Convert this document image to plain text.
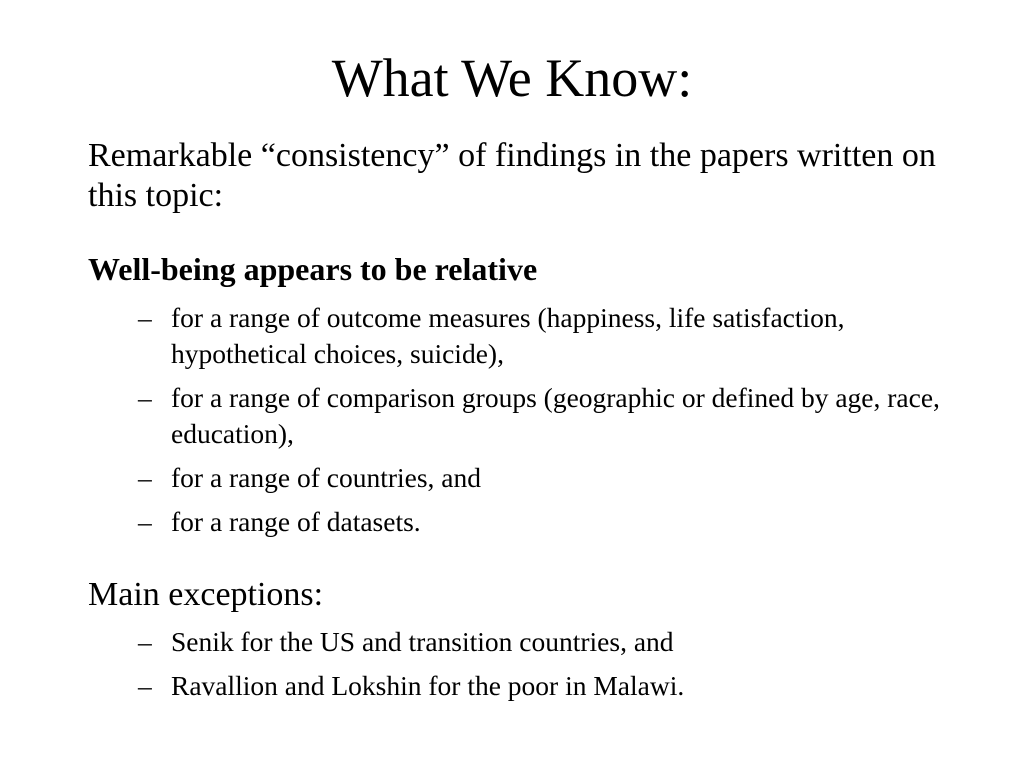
What We Know:

Remarkable “consistency” of findings in the papers written on this topic:

Well-being appears to be relative

– for a range of outcome measures (happiness, life satisfaction, hypothetical choices, suicide),
– for a range of comparison groups (geographic or defined by age, race, education),
– for a range of countries, and
– for a range of datasets.

Main exceptions:

– Senik for the US and transition countries, and
– Ravallion and Lokshin for the poor in Malawi.
